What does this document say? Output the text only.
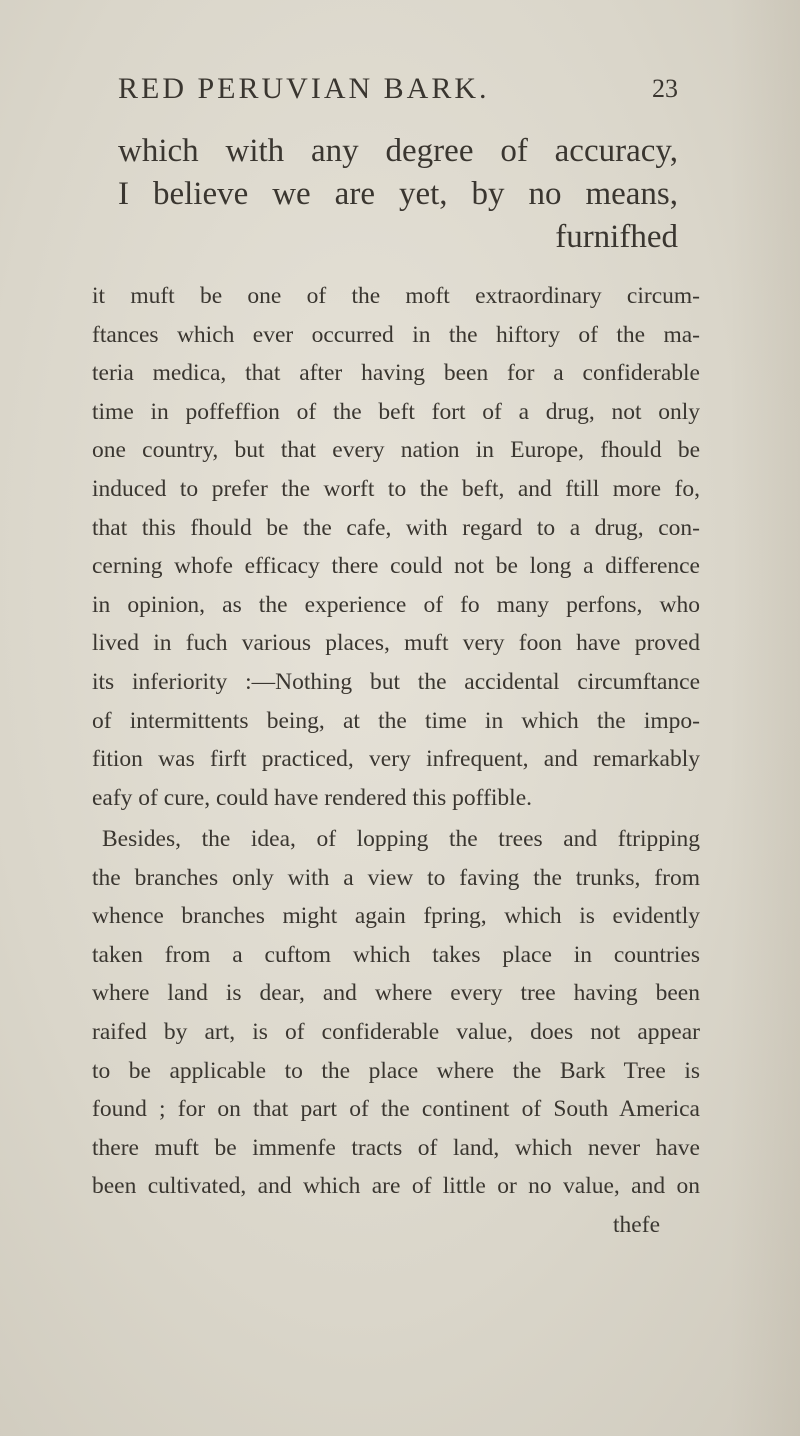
RED PERUVIAN BARK.	23
which with any degree of accuracy,
I believe we are yet, by no means,
furnifhed
it muft be one of the moft extraordinary circum-
ftances which ever occurred in the hiftory of the ma-
teria medica, that after having been for a confiderable
time in poffeffion of the beft fort of a drug, not only
one country, but that every nation in Europe, fhould be
induced to prefer the worft to the beft, and ftill more fo,
that this fhould be the cafe, with regard to a drug, con-
cerning whofe efficacy there could not be long a difference
in opinion, as the experience of fo many perfons, who
lived in fuch various places, muft very foon have proved
its inferiority :—Nothing but the accidental circumftance
of intermittents being, at the time in which the impo-
fition was firft practiced, very infrequent, and remarkably
eafy of cure, could have rendered this poffible.
Besides, the idea, of lopping the trees and ftripping
the branches only with a view to faving the trunks, from
whence branches might again fpring, which is evidently
taken from a cuftom which takes place in countries
where land is dear, and where every tree having been
raifed by art, is of confiderable value, does not appear
to be applicable to the place where the Bark Tree is
found ; for on that part of the continent of South America
there muft be immenfe tracts of land, which never have
been cultivated, and which are of little or no value, and on
thefe
